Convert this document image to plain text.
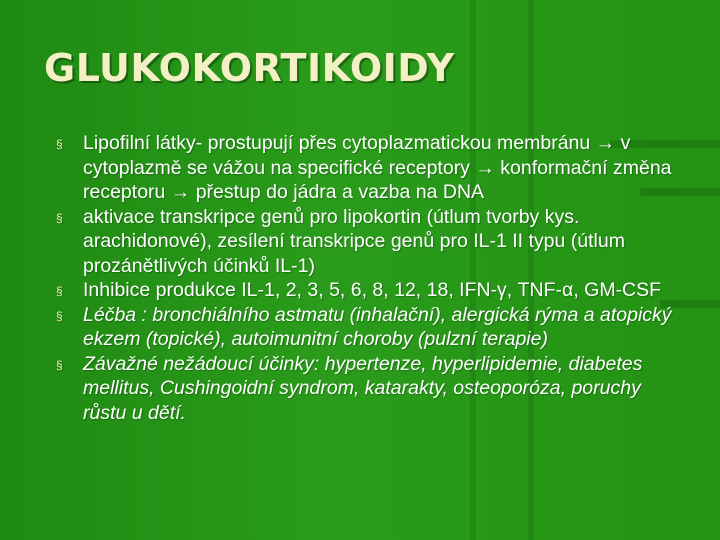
GLUKOKORTIKOIDY
§ Lipofilní látky- prostupují přes cytoplazmatickou membránu → v cytoplazmě se vážou na specifické receptory → konformační změna receptoru → přestup do jádra a vazba na DNA
§ aktivace transkripce genů pro lipokortin (útlum tvorby kys. arachidonové), zesílení transkripce genů pro IL-1 II typu (útlum prozánětlivých účinků IL-1)
§ Inhibice produkce IL-1, 2, 3, 5, 6, 8, 12, 18, IFN-γ, TNF-α, GM-CSF
§ Léčba : bronchiálního astmatu (inhalační), alergická rýma a atopický ekzem (topické), autoimunitní choroby (pulzní terapie)
§ Závažné nežádoucí účinky: hypertenze, hyperlipidemie, diabetes mellitus, Cushingoidní syndrom, katarakty, osteoporóza, poruchy růstu u dětí.
